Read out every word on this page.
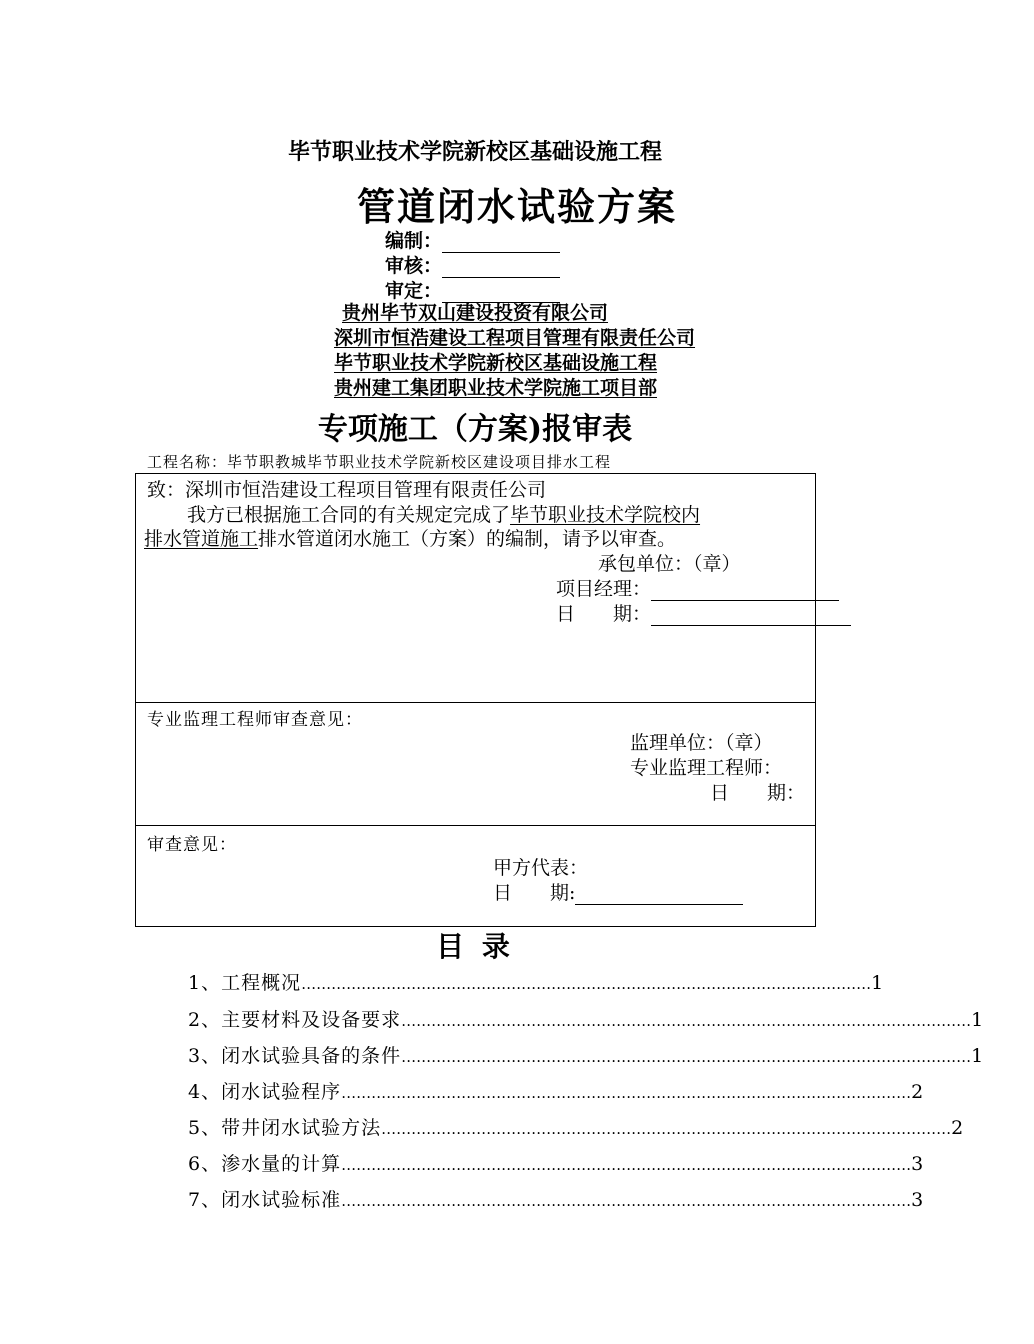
毕节职业技术学院新校区基础设施工程
管道闭水试验方案
编制：
审核：
审定：
贵州毕节双山建设投资有限公司
深圳市恒浩建设工程项目管理有限责任公司
毕节职业技术学院新校区基础设施工程
贵州建工集团职业技术学院施工项目部
专项施工（方案)报审表
工程名称：毕节职教城毕节职业技术学院新校区建设项目排水工程
致：深圳市恒浩建设工程项目管理有限责任公司
我方已根据施工合同的有关规定完成了毕节职业技术学院校内
排水管道施工排水管道闭水施工（方案）的编制，请予以审查。
承包单位：（章）
项目经理：
日　　期：
专业监理工程师审查意见：
监理单位：（章）
专业监理工程师：
日　　期：
审查意见：
甲方代表：
日　　期:
目 录
1、 工程概况 …………………………………………………………………………………………………… 1
2、 主要材料及设备要求 …………………………………………………………………………………………………… 1
3、 闭水试验具备的条件 …………………………………………………………………………………………………… 1
4、 闭水试验程序 …………………………………………………………………………………………………… 2
5、 带井闭水试验方法 …………………………………………………………………………………………………… 2
6、 渗水量的计算 …………………………………………………………………………………………………… 3
7、 闭水试验标准 …………………………………………………………………………………………………… 3
